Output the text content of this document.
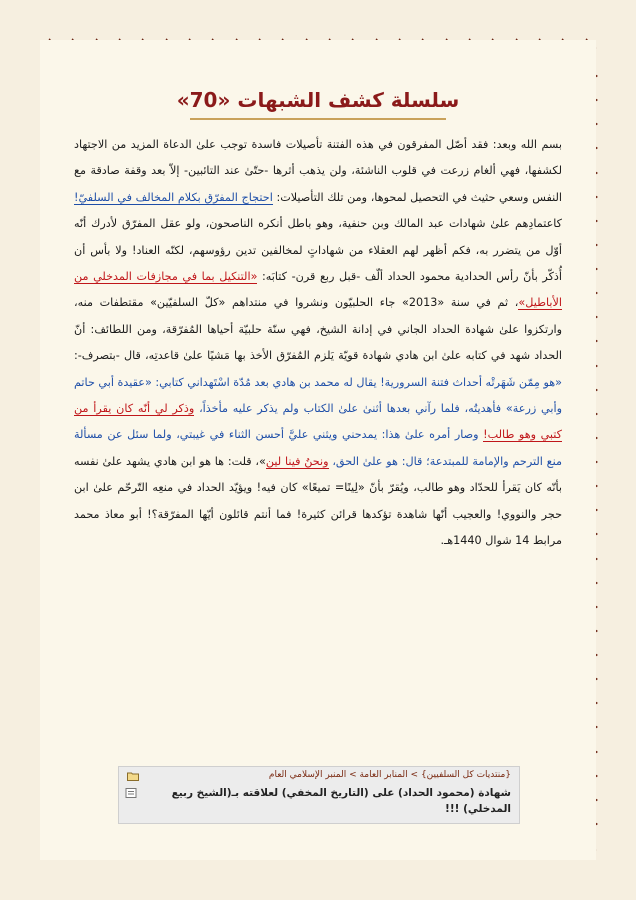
سلسلة كشف الشبهات «70»

بسم الله وبعد: فقد أصّل المفرقون في هذه الفتنة تأصيلات فاسدة توجب علىٰ الدعاة المزيد من الاجتهاد لكشفها، فهي ألغام زرعت في قلوب الناشئة، ولن يذهب أثرها -حتّىٰ عند التائبين- إلاّ بعد وقفة صادقة مع النفس وسعي حثيث في التحصيل لمحوها، ومن تلك التأصيلات: احتجاج المفرّق بكلام المخالف في السلفيّ! كاعتمادِهم علىٰ شهادات عبد المالك وبن حنفية، وهو باطل أنكره الناصحون، ولو عقل المفرّق لأدرك أنّه أوّل من يتضرر به، فكم أظهر لهم العقلاء من شهاداتٍ لمخالفين تدين رؤوسهم، لكنّه العناد! ولا بأس أن أُذكّر بأنّ رأس الحدادية محمود الحداد ألّف -قبل ربع قرن- كتابَه: «التنكيل بما في مجازفات المدخلي من الأباطيل»، ثم في سنة «2013» جاء الحلبيّون ونشروا في منتداهم «كلّ السلفيّين» مقتطفات منه، وارتكزوا علىٰ شهادة الحداد الجاني في إدانة الشيخ، فهي سنّة حلبيّة أحياها المُفرّقة، ومن اللطائف: أنّ الحداد شهد في كتابه علىٰ ابن هادي شهادة قويّة يَلزم المُفرّق الأخذ بها مَشيًا علىٰ قاعدتِه، قال -بتصرف-: «هو مِمّن شَهَرتْه أحداث فتنة السرورية! يقال له محمد بن هادي بعد مُدّة اسْتَهداني كتابي: «عقيدة أبي حاتم وأبي زرعة» فأهديتُه، فلما رآني بعدها أثنىٰ علىٰ الكتاب ولم يذكر عليه مأخذاً، وذكر لي أنّه كان يقرأ من كتبي وهو طالب! وصار أمره علىٰ هذا: يمدحني ويثني عليَّ أحسن الثناء في غيبتي، ولما سئل عن مسألة منع الترحم والإمامة للمبتدعة؛ قال: هو علىٰ الحق، ونحنُ فينا لين»، قلت: ها هو ابن هادي يشهد علىٰ نفسه بأنّه كان يَقرأ للحدّاد وهو طالب، ويُقرّ بأنّ «لِينًا= تميعًا» كان فيه! ويؤيّد الحداد في منعِه التّرحّم علىٰ ابن حجر والنووي! والعجيب أنّها شاهدة تؤكدها قرائن كثيرة! فما أنتم قائلون أيّها المفرّقة؟! أبو معاذ محمد مرابط 14 شوال 1440هـ.

{منتديات كل السلفيين} > المنابر العامة > المنبر الإسلامي العام
شهادة (محمود الحداد) على (التاريخ المخفي) لعلاقته بـ(الشيخ ربيع المدخلي) !!!
